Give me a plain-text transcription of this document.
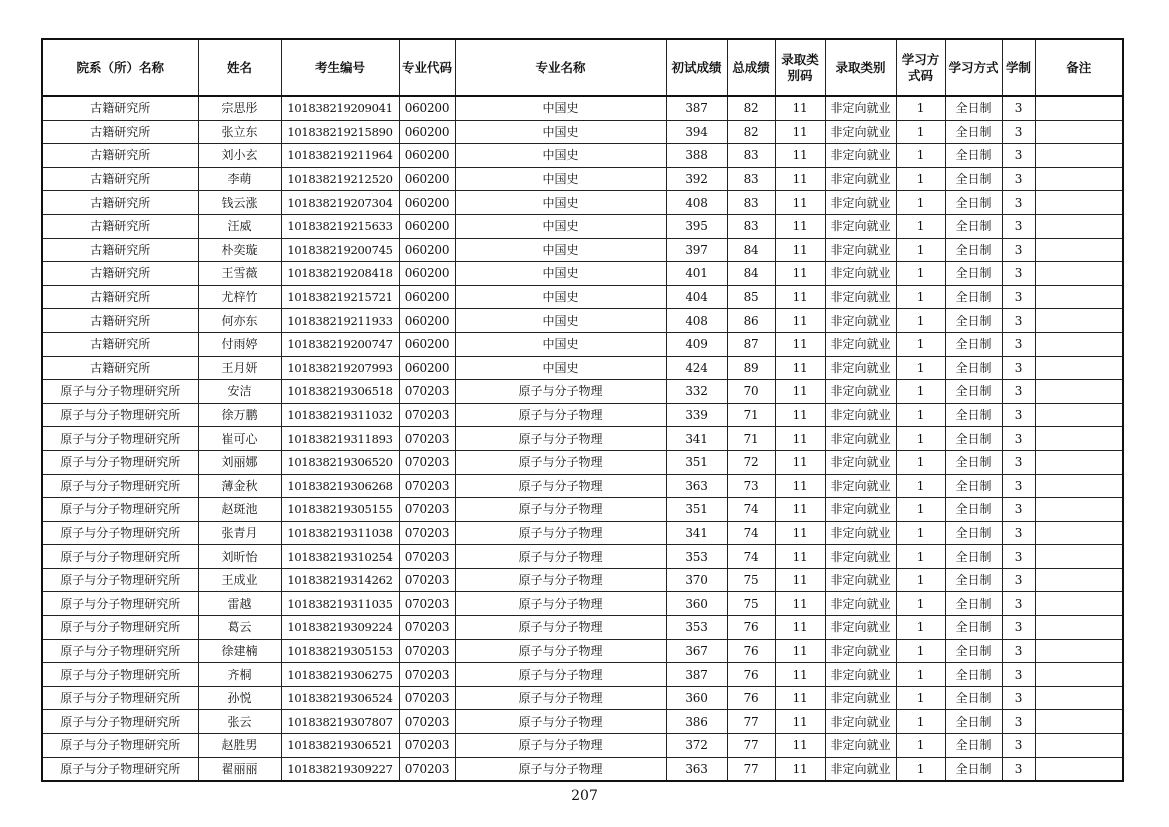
院系（所）名称	姓名	考生编号	专业代码	专业名称	初试成绩	总成绩	录取类别码	录取类别	学习方式码	学习方式	学制	备注
古籍研究所	宗思彤	101838219209041	060200	中国史	387	82	11	非定向就业	1	全日制	3	
古籍研究所	张立东	101838219215890	060200	中国史	394	82	11	非定向就业	1	全日制	3	
古籍研究所	刘小玄	101838219211964	060200	中国史	388	83	11	非定向就业	1	全日制	3	
古籍研究所	李萌	101838219212520	060200	中国史	392	83	11	非定向就业	1	全日制	3	
古籍研究所	钱云涨	101838219207304	060200	中国史	408	83	11	非定向就业	1	全日制	3	
古籍研究所	汪威	101838219215633	060200	中国史	395	83	11	非定向就业	1	全日制	3	
古籍研究所	朴奕璇	101838219200745	060200	中国史	397	84	11	非定向就业	1	全日制	3	
古籍研究所	王雪薇	101838219208418	060200	中国史	401	84	11	非定向就业	1	全日制	3	
古籍研究所	尤梓竹	101838219215721	060200	中国史	404	85	11	非定向就业	1	全日制	3	
古籍研究所	何亦东	101838219211933	060200	中国史	408	86	11	非定向就业	1	全日制	3	
古籍研究所	付雨婷	101838219200747	060200	中国史	409	87	11	非定向就业	1	全日制	3	
古籍研究所	王月妍	101838219207993	060200	中国史	424	89	11	非定向就业	1	全日制	3	
原子与分子物理研究所	安洁	101838219306518	070203	原子与分子物理	332	70	11	非定向就业	1	全日制	3	
原子与分子物理研究所	徐万鹏	101838219311032	070203	原子与分子物理	339	71	11	非定向就业	1	全日制	3	
原子与分子物理研究所	崔可心	101838219311893	070203	原子与分子物理	341	71	11	非定向就业	1	全日制	3	
原子与分子物理研究所	刘丽娜	101838219306520	070203	原子与分子物理	351	72	11	非定向就业	1	全日制	3	
原子与分子物理研究所	薄金秋	101838219306268	070203	原子与分子物理	363	73	11	非定向就业	1	全日制	3	
原子与分子物理研究所	赵斑池	101838219305155	070203	原子与分子物理	351	74	11	非定向就业	1	全日制	3	
原子与分子物理研究所	张青月	101838219311038	070203	原子与分子物理	341	74	11	非定向就业	1	全日制	3	
原子与分子物理研究所	刘昕怡	101838219310254	070203	原子与分子物理	353	74	11	非定向就业	1	全日制	3	
原子与分子物理研究所	王成业	101838219314262	070203	原子与分子物理	370	75	11	非定向就业	1	全日制	3	
原子与分子物理研究所	雷越	101838219311035	070203	原子与分子物理	360	75	11	非定向就业	1	全日制	3	
原子与分子物理研究所	葛云	101838219309224	070203	原子与分子物理	353	76	11	非定向就业	1	全日制	3	
原子与分子物理研究所	徐建楠	101838219305153	070203	原子与分子物理	367	76	11	非定向就业	1	全日制	3	
原子与分子物理研究所	齐桐	101838219306275	070203	原子与分子物理	387	76	11	非定向就业	1	全日制	3	
原子与分子物理研究所	孙悦	101838219306524	070203	原子与分子物理	360	76	11	非定向就业	1	全日制	3	
原子与分子物理研究所	张云	101838219307807	070203	原子与分子物理	386	77	11	非定向就业	1	全日制	3	
原子与分子物理研究所	赵胜男	101838219306521	070203	原子与分子物理	372	77	11	非定向就业	1	全日制	3	
原子与分子物理研究所	翟丽丽	101838219309227	070203	原子与分子物理	363	77	11	非定向就业	1	全日制	3	
207
